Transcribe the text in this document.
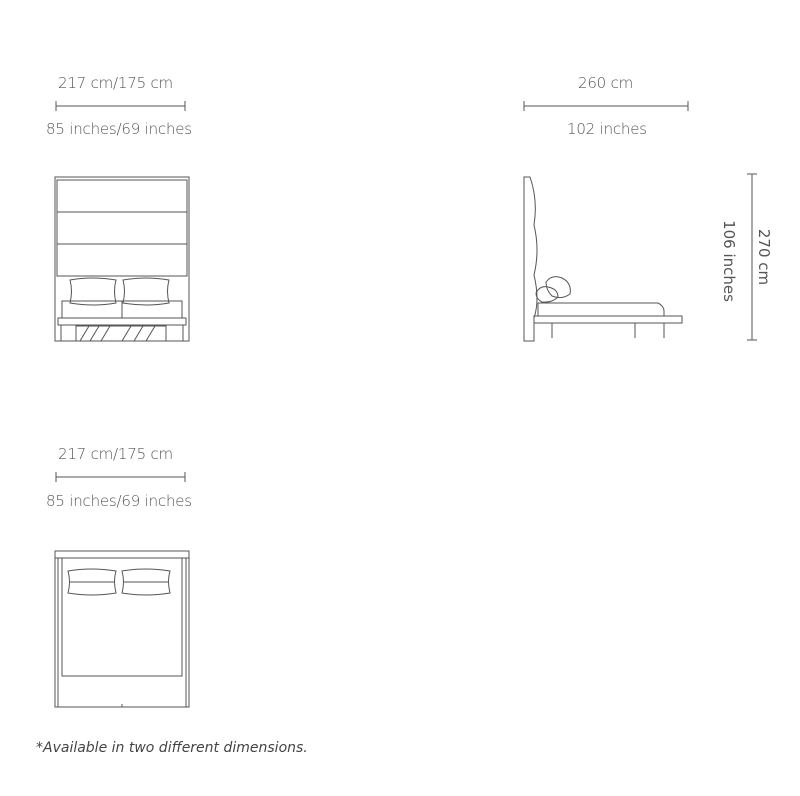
217 cm/175 cm
85 inches/69 inches
260 cm
102 inches
270 cm
106 inches
217 cm/175 cm
85 inches/69 inches
*Available in two different dimensions.
